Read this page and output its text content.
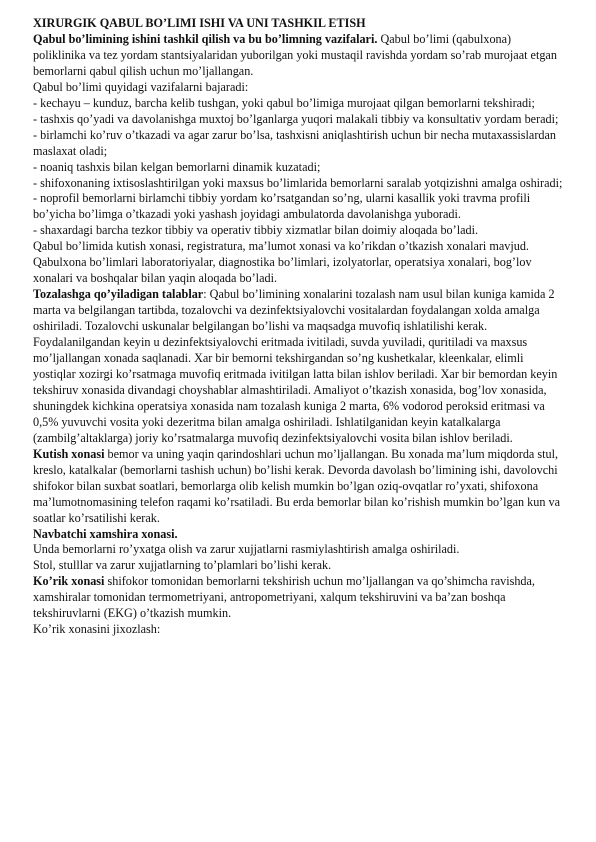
XIRURGIK QABUL BO’LIMI ISHI VA UNI TASHKIL ETISH

Qabul bo’limining ishini tashkil qilish va bu bo’limning vazifalari. Qabul bo’limi (qabulxona) poliklinika va tez yordam stantsiyalaridan yuborilgan yoki mustaqil ravishda yordam so’rab murojaat etgan bemorlarni qabul qilish uchun mo’ljallangan.

Qabul bo’limi quyidagi vazifalarni bajaradi:

- kechayu – kunduz, barcha kelib tushgan, yoki qabul bo’limiga murojaat qilgan bemorlarni tekshiradi;

- tashxis qo’yadi va davolanishga muxtoj bo’lganlarga yuqori malakali tibbiy va konsultativ yordam beradi;

- birlamchi ko’ruv o’tkazadi va agar zarur bo’lsa, tashxisni aniqlashtirish uchun bir necha mutaxassislardan maslaxat oladi;

- noaniq tashxis bilan kelgan bemorlarni dinamik kuzatadi;

- shifoxonaning ixtisoslashtirilgan yoki maxsus bo’limlarida bemorlarni saralab yotqizishni amalga oshiradi;

- noprofil bemorlarni birlamchi tibbiy yordam ko’rsatgandan so’ng, ularni kasallik yoki travma profili bo’yicha bo’limga o’tkazadi yoki yashash joyidagi ambulatorda davolanishga yuboradi.

- shaxardagi barcha tezkor tibbiy va operativ tibbiy xizmatlar bilan doimiy aloqada bo’ladi.

Qabul bo’limida kutish xonasi, registratura, ma’lumot xonasi va ko’rikdan o’tkazish xonalari mavjud. Qabulxona bo’limlari laboratoriyalar, diagnostika bo’limlari, izolyatorlar, operatsiya xonalari, bog’lov xonalari va boshqalar bilan yaqin aloqada bo’ladi.

Tozalashga qo’yiladigan talablar: Qabul bo’limining xonalarini tozalash nam usul bilan kuniga kamida 2 marta va belgilangan tartibda, tozalovchi va dezinfektsiyalovchi vositalardan foydalangan xolda amalga oshiriladi. Tozalovchi uskunalar belgilangan bo’lishi va maqsadga muvofiq ishlatilishi kerak. Foydalanilgandan keyin u dezinfektsiyalovchi eritmada ivitiladi, suvda yuviladi, quritiladi va maxsus mo’ljallangan xonada saqlanadi. Xar bir bemorni tekshirgandan so’ng kushetkalar, kleenkalar, elimli yostiqlar xozirgi ko’rsatmaga muvofiq eritmada ivitilgan latta bilan ishlov beriladi. Xar bir bemordan keyin tekshiruv xonasida divandagi choyshablar almashtiriladi. Amaliyot o’tkazish xonasida, bog’lov xonasida, shuningdek kichkina operatsiya xonasida nam tozalash kuniga 2 marta, 6% vodorod peroksid eritmasi va 0,5% yuvuvchi vosita yoki dezeritma bilan amalga oshiriladi. Ishlatilganidan keyin katalkalarga (zambilg’altaklarga) joriy ko’rsatmalarga muvofiq dezinfektsiyalovchi vosita bilan ishlov beriladi.

Kutish xonasi bemor va uning yaqin qarindoshlari uchun mo’ljallangan. Bu xonada ma’lum miqdorda stul, kreslo, katalkalar (bemorlarni tashish uchun) bo’lishi kerak. Devorda davolash bo’limining ishi, davolovchi shifokor bilan suxbat soatlari, bemorlarga olib kelish mumkin bo’lgan oziq-ovqatlar ro’yxati, shifoxona ma’lumotnomasining telefon raqami ko’rsatiladi. Bu erda bemorlar bilan ko’rishish mumkin bo’lgan kun va soatlar ko’rsatilishi kerak.

Navbatchi xamshira xonasi.

Unda bemorlarni ro’yxatga olish va zarur xujjatlarni rasmiylashtirish amalga oshiriladi.

Stol, stulllar va zarur xujjatlarning to’plamlari bo’lishi kerak.

Ko’rik xonasi shifokor tomonidan bemorlarni tekshirish uchun mo’ljallangan va qo’shimcha ravishda, xamshiralar tomonidan termometriyani, antropometriyani, xalqum tekshiruvini va ba’zan boshqa tekshiruvlarni (EKG) o’tkazish mumkin.

Ko’rik xonasini jixozlash:
